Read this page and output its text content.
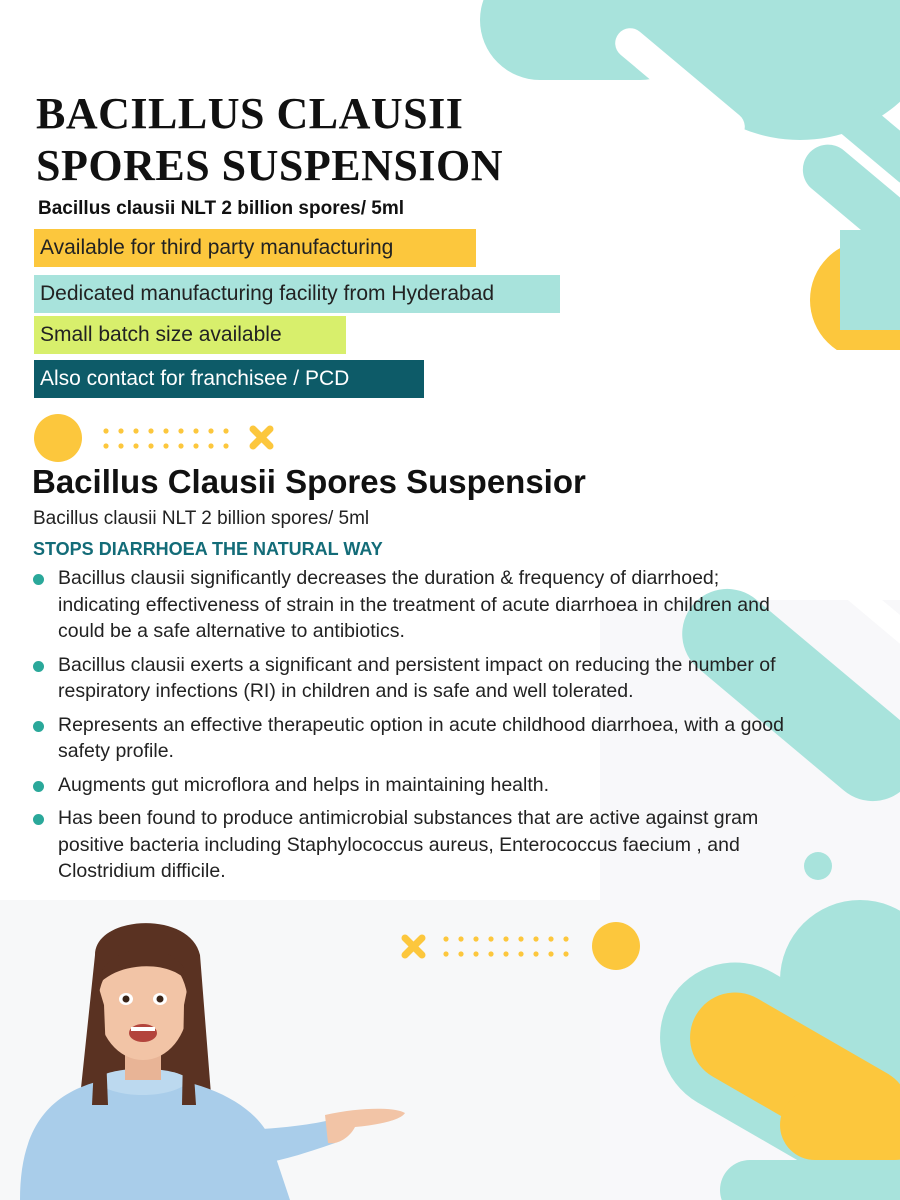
BACILLUS CLAUSII
SPORES SUSPENSION
Bacillus clausii NLT 2 billion spores/ 5ml
Available for third party manufacturing
Dedicated manufacturing facility from Hyderabad
Small batch size available
Also contact for franchisee / PCD
Bacillus Clausii Spores Suspensior
Bacillus clausii NLT 2 billion spores/ 5ml
STOPS DIARRHOEA THE NATURAL WAY
Bacillus clausii significantly decreases the duration & frequency of diarrhoed; indicating effectiveness of strain in the treatment of acute diarrhoea in children and could be a safe alternative to antibiotics.
Bacillus clausii exerts a significant and persistent impact on reducing the number of respiratory infections (RI) in children and is safe and well tolerated.
Represents an effective therapeutic option in acute childhood diarrhoea, with a good safety profile.
Augments gut microflora and helps in maintaining health.
Has been found to produce antimicrobial substances that are active against gram positive bacteria including Staphylococcus aureus, Enterococcus faecium , and Clostridium difficile.
